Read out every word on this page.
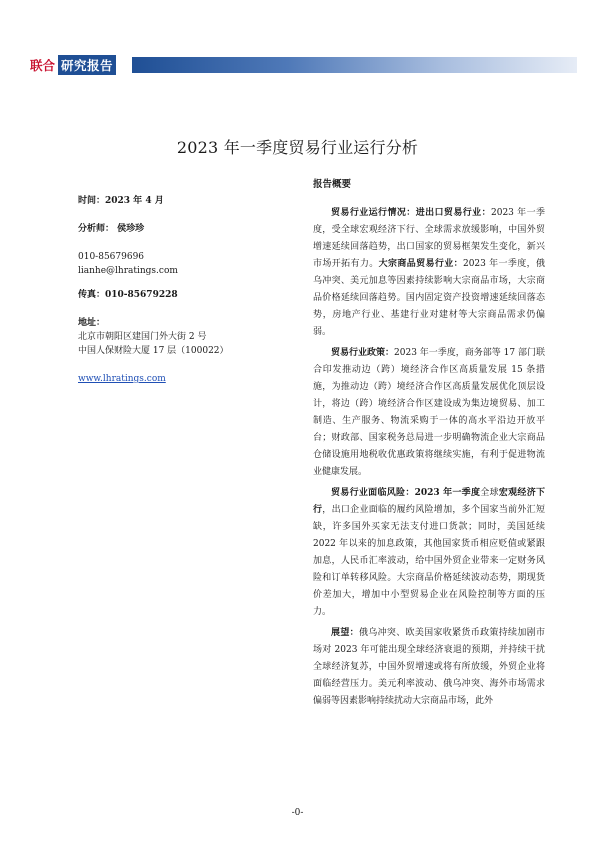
联合 研究报告
2023 年一季度贸易行业运行分析
时间：2023 年 4 月
分析师： 侯珍珍
010-85679696
lianhe@lhratings.com
传真：010-85679228
地址：
北京市朝阳区建国门外大街 2 号
中国人保财险大厦 17 层（100022）
www.lhratings.com
报告概要

贸易行业运行情况：进出口贸易行业：2023 年一季度，受全球宏观经济下行、全球需求放缓影响，中国外贸增速延续回落趋势，出口国家的贸易框架发生变化，新兴市场开拓有力。大宗商品贸易行业：2023 年一季度，俄乌冲突、美元加息等因素持续影响大宗商品市场，大宗商品价格延续回落趋势。国内固定资产投资增速延续回落态势，房地产行业、基建行业对建材等大宗商品需求仍偏弱。

贸易行业政策：2023 年一季度，商务部等 17 部门联合印发推动边（跨）境经济合作区高质量发展 15 条措施，为推动边（跨）境经济合作区高质量发展优化顶层设计，将边（跨）境经济合作区建设成为集边境贸易、加工制造、生产服务、物流采购于一体的高水平沿边开放平台；财政部、国家税务总局进一步明确物流企业大宗商品仓储设施用地税收优惠政策将继续实施，有利于促进物流业健康发展。

贸易行业面临风险：2023 年一季度全球宏观经济下行，出口企业面临的履约风险增加，多个国家当前外汇短缺，许多国外买家无法支付进口货款；同时，美国延续 2022 年以来的加息政策，其他国家货币相应贬值或紧跟加息，人民币汇率波动，给中国外贸企业带来一定财务风险和订单转移风险。大宗商品价格延续波动态势，期现货价差加大，增加中小型贸易企业在风险控制等方面的压力。

展望：俄乌冲突、欧美国家收紧货币政策持续加剧市场对 2023 年可能出现全球经济衰退的预期，并持续干扰全球经济复苏，中国外贸增速或将有所放缓，外贸企业将面临经营压力。美元利率波动、俄乌冲突、海外市场需求偏弱等因素影响持续扰动大宗商品市场，此外

-0-
